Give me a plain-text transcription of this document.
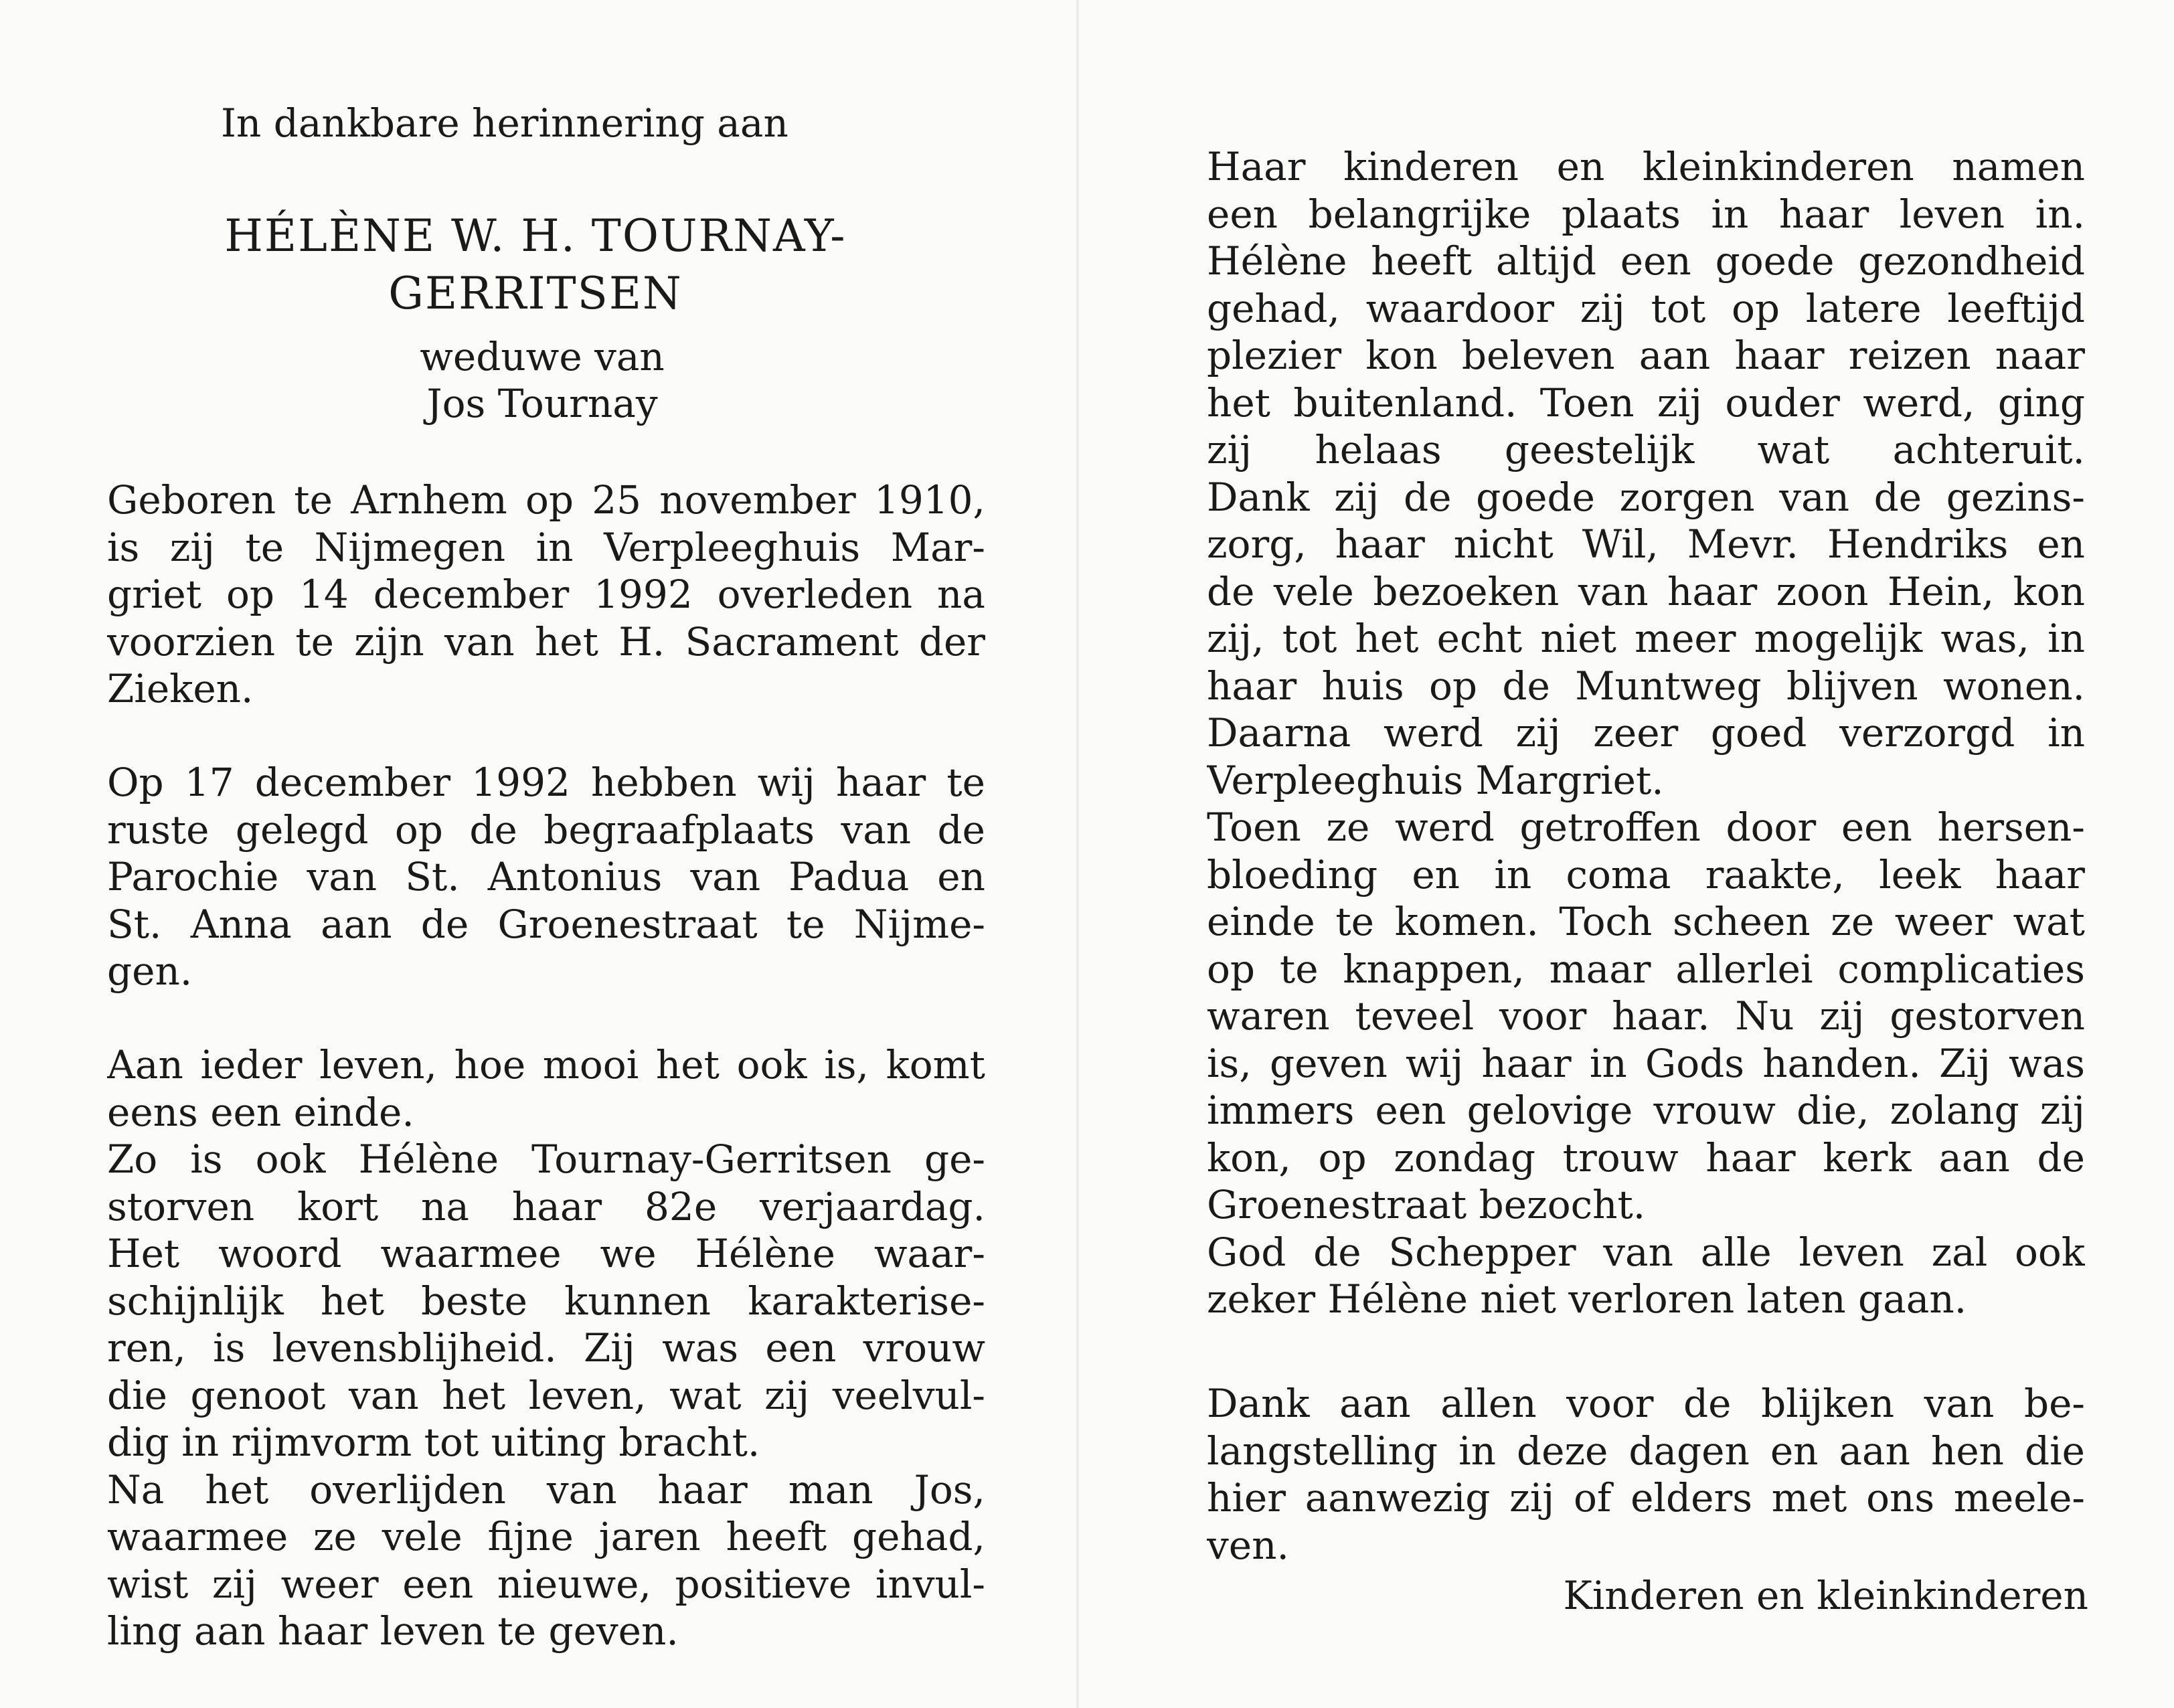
In dankbare herinnering aan
HÉLÈNE W. H. TOURNAY-
GERRITSEN
weduwe van
Jos Tournay
Geboren te Arnhem op 25 november 1910,
is zij te Nijmegen in Verpleeghuis Mar-
griet op 14 december 1992 overleden na
voorzien te zijn van het H. Sacrament der
Zieken.
Op 17 december 1992 hebben wij haar te
ruste gelegd op de begraafplaats van de
Parochie van St. Antonius van Padua en
St. Anna aan de Groenestraat te Nijme-
gen.
Aan ieder leven, hoe mooi het ook is, komt
eens een einde.
Zo is ook Hélène Tournay-Gerritsen ge-
storven kort na haar 82e verjaardag.
Het woord waarmee we Hélène waar-
schijnlijk het beste kunnen karakterise-
ren, is levensblijheid. Zij was een vrouw
die genoot van het leven, wat zij veelvul-
dig in rijmvorm tot uiting bracht.
Na het overlijden van haar man Jos,
waarmee ze vele fijne jaren heeft gehad,
wist zij weer een nieuwe, positieve invul-
ling aan haar leven te geven.
Haar kinderen en kleinkinderen namen
een belangrijke plaats in haar leven in.
Hélène heeft altijd een goede gezondheid
gehad, waardoor zij tot op latere leeftijd
plezier kon beleven aan haar reizen naar
het buitenland. Toen zij ouder werd, ging
zij helaas geestelijk wat achteruit.
Dank zij de goede zorgen van de gezins-
zorg, haar nicht Wil, Mevr. Hendriks en
de vele bezoeken van haar zoon Hein, kon
zij, tot het echt niet meer mogelijk was, in
haar huis op de Muntweg blijven wonen.
Daarna werd zij zeer goed verzorgd in
Verpleeghuis Margriet.
Toen ze werd getroffen door een hersen-
bloeding en in coma raakte, leek haar
einde te komen. Toch scheen ze weer wat
op te knappen, maar allerlei complicaties
waren teveel voor haar. Nu zij gestorven
is, geven wij haar in Gods handen. Zij was
immers een gelovige vrouw die, zolang zij
kon, op zondag trouw haar kerk aan de
Groenestraat bezocht.
God de Schepper van alle leven zal ook
zeker Hélène niet verloren laten gaan.
Dank aan allen voor de blijken van be-
langstelling in deze dagen en aan hen die
hier aanwezig zij of elders met ons meele-
ven.
Kinderen en kleinkinderen
